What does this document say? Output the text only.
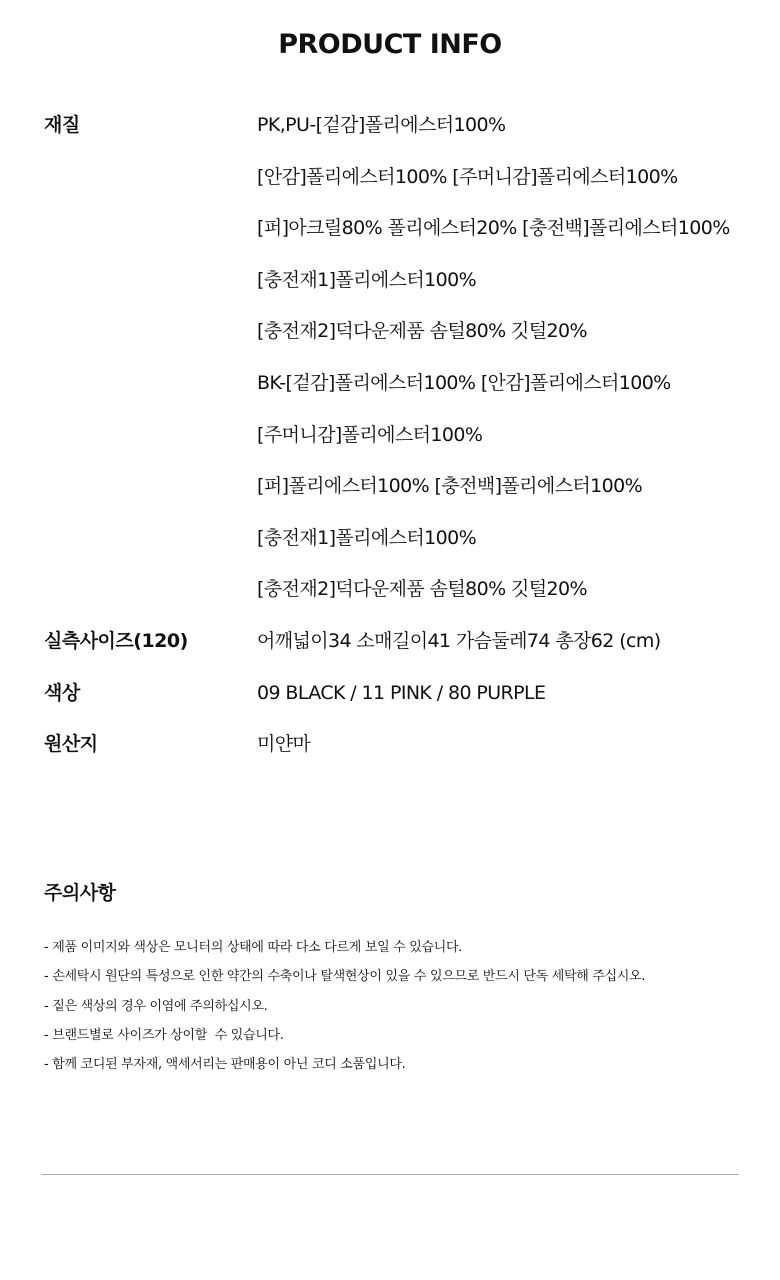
PRODUCT INFO
재질	PK,PU-[겉감]폴리에스터100%
[안감]폴리에스터100% [주머니감]폴리에스터100%
[퍼]아크릴80% 폴리에스터20% [충전백]폴리에스터100%
[충전재1]폴리에스터100%
[충전재2]덕다운제품 솜털80% 깃털20%
BK-[겉감]폴리에스터100% [안감]폴리에스터100%
[주머니감]폴리에스터100%
[퍼]폴리에스터100% [충전백]폴리에스터100%
[충전재1]폴리에스터100%
[충전재2]덕다운제품 솜털80% 깃털20%
실측사이즈(120)	어깨넓이34 소매길이41 가슴둘레74 총장62 (cm)
색상	09 BLACK / 11 PINK / 80 PURPLE
원산지	미얀마
주의사항
- 제품 이미지와 색상은 모니터의 상태에 따라 다소 다르게 보일 수 있습니다.
- 손세탁시 원단의 특성으로 인한 약간의 수축이나 탈색현상이 있을 수 있으므로 반드시 단독 세탁해 주십시오.
- 짙은 색상의 경우 이염에 주의하십시오.
- 브랜드별로 사이즈가 상이할  수 있습니다.
- 함께 코디된 부자재, 액세서리는 판매용이 아닌 코디 소품입니다.
